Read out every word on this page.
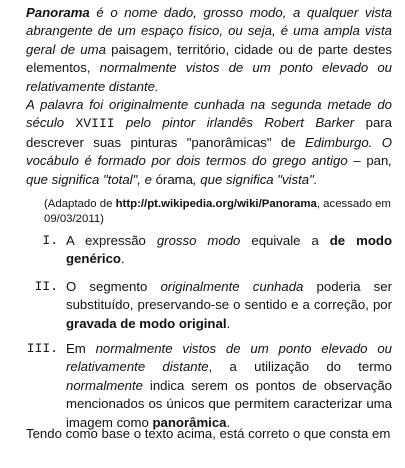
Panorama é o nome dado, grosso modo, a qualquer vista abrangente de um espaço físico, ou seja, é uma ampla vista geral de uma paisagem, território, cidade ou de parte destes elementos, normalmente vistos de um ponto elevado ou relativamente distante.

A palavra foi originalmente cunhada na segunda metade do século XVIII pelo pintor irlandês Robert Barker para descrever suas pinturas "panorâmicas" de Edimburgo. O vocábulo é formado por dois termos do grego antigo – pan, que significa "total", e órama, que significa "vista".

(Adaptado de http://pt.wikipedia.org/wiki/Panorama, acessado em 09/03/2011)

I. A expressão grosso modo equivale a de modo genérico.

II. O segmento originalmente cunhada poderia ser substituído, preservando-se o sentido e a correção, por gravada de modo original.

III. Em normalmente vistos de um ponto elevado ou relativamente distante, a utilização do termo normalmente indica serem os pontos de observação mencionados os únicos que permitem caracterizar uma imagem como panorâmica.

Tendo como base o texto acima, está correto o que consta em
